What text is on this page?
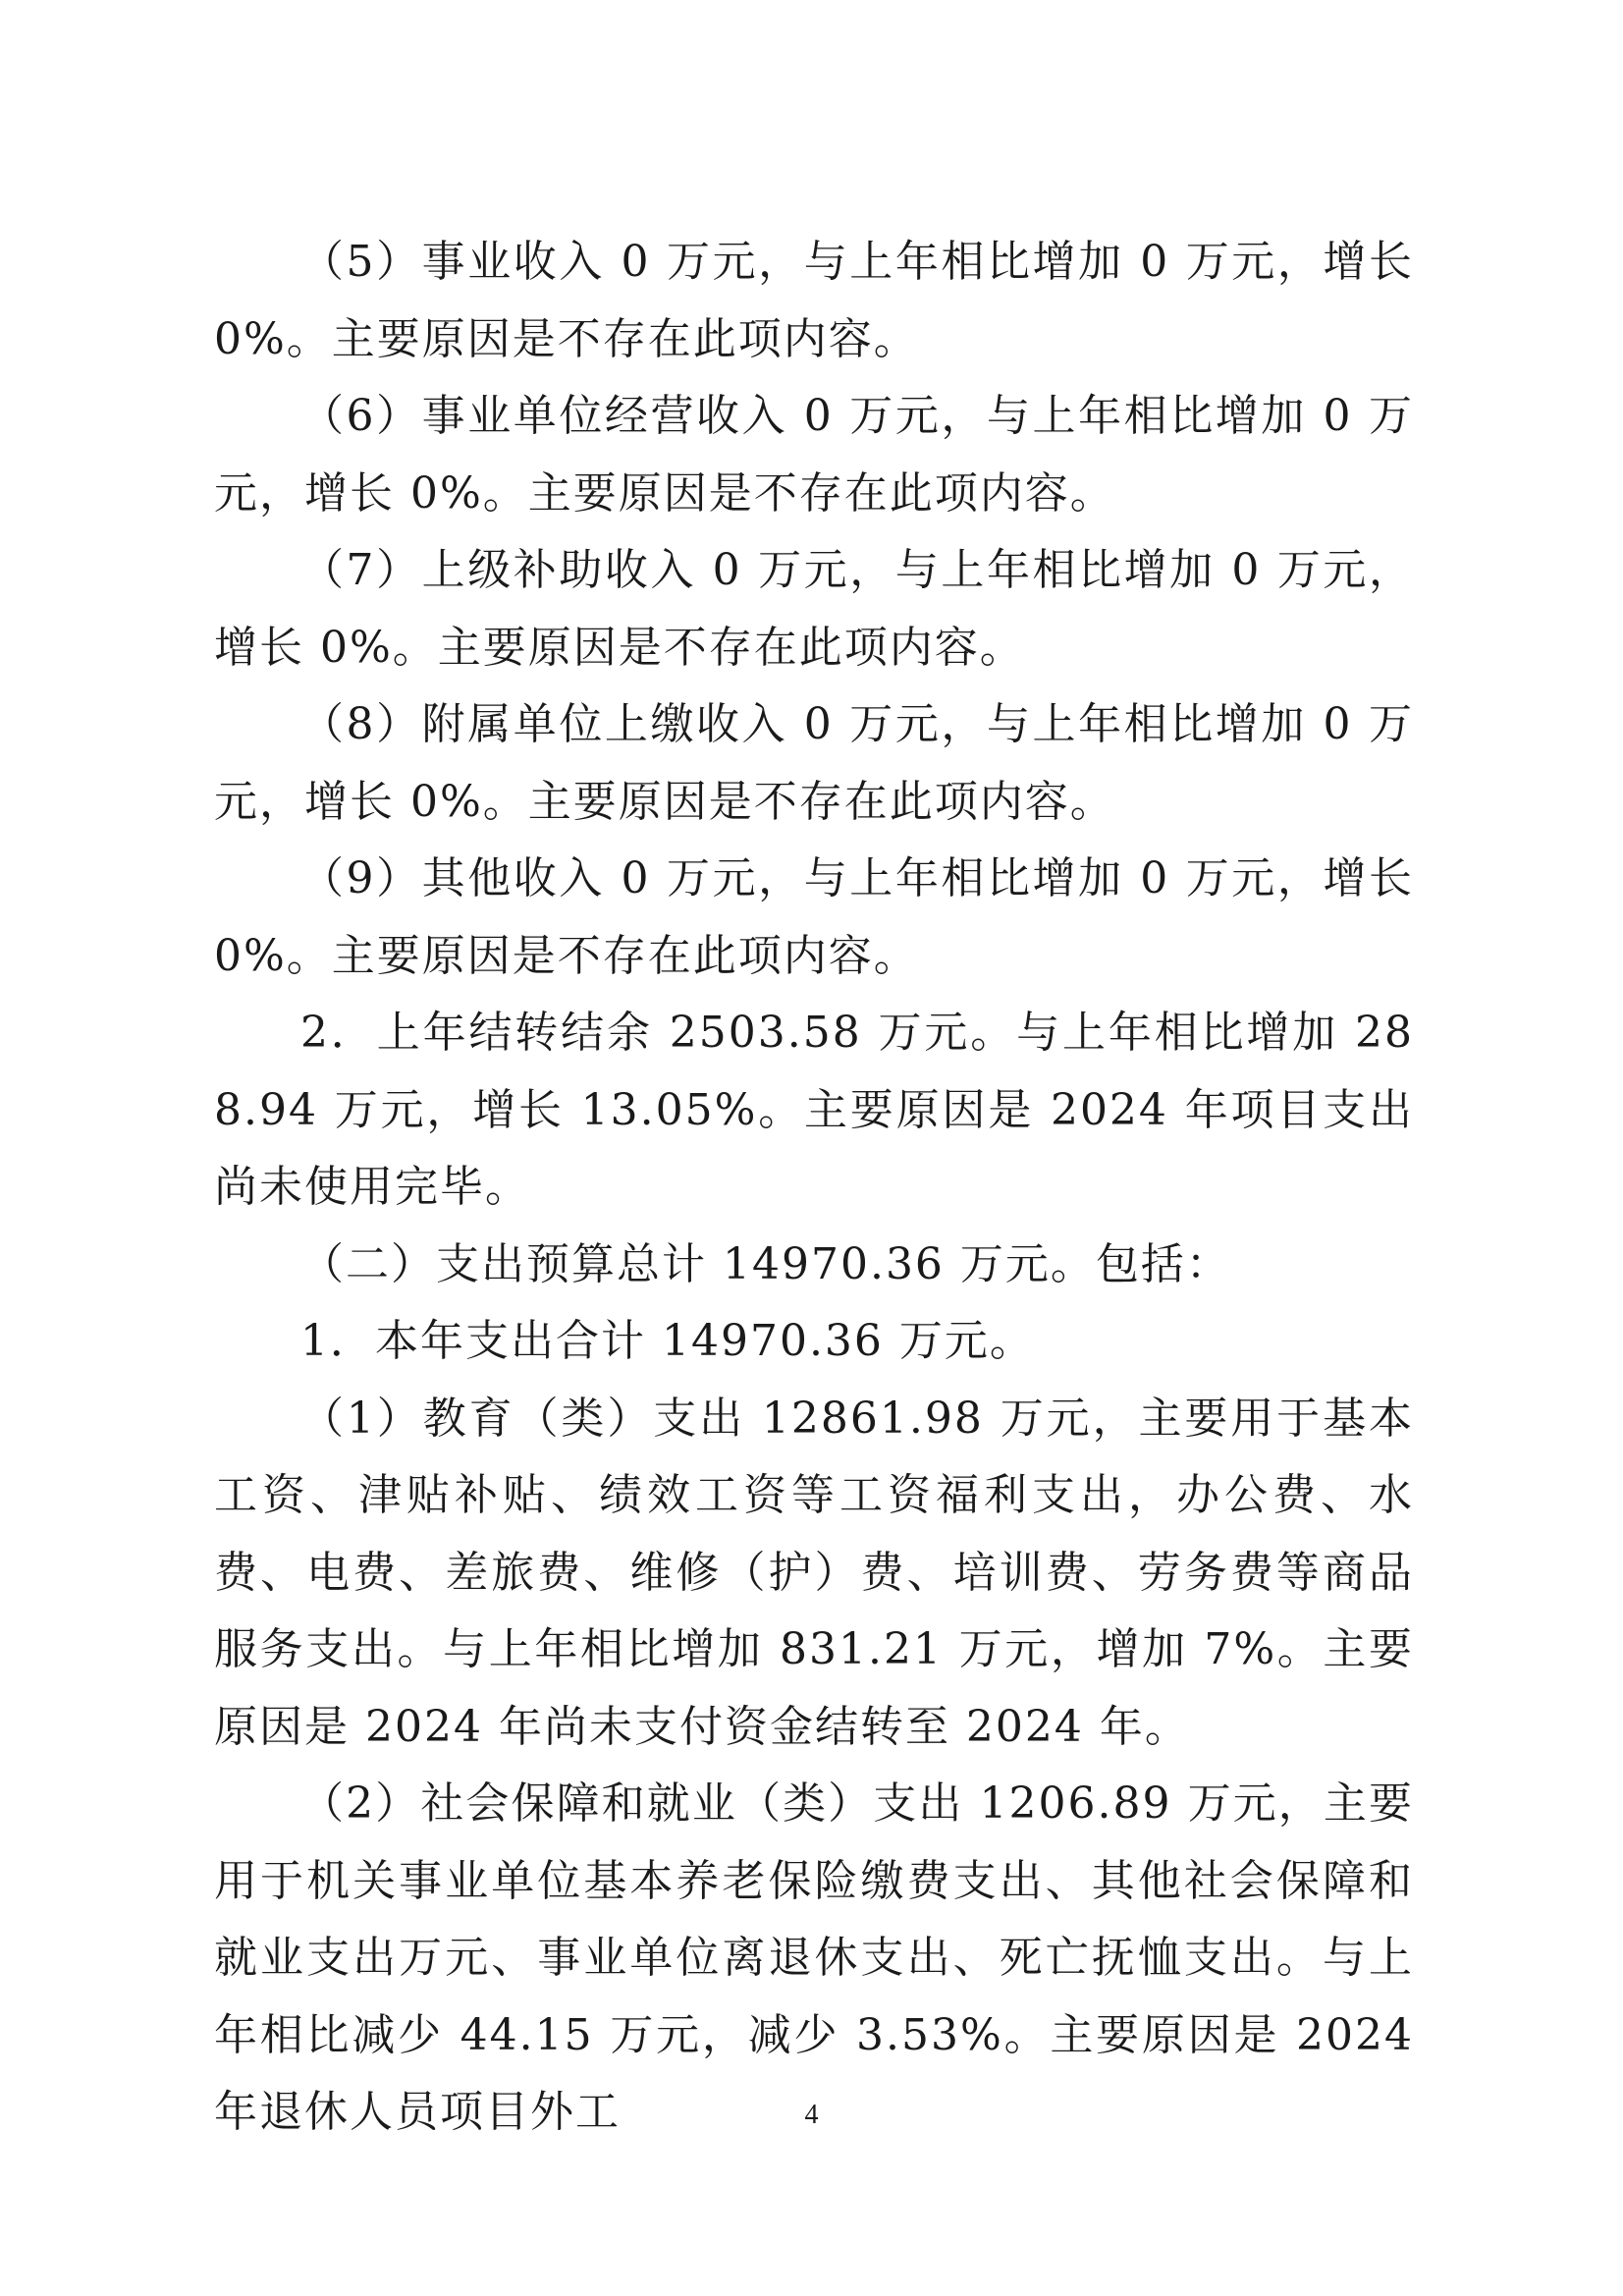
（5）事业收入 0 万元，与上年相比增加 0 万元，增长 0%。主要原因是不存在此项内容。

（6）事业单位经营收入 0 万元，与上年相比增加 0 万元，增长 0%。主要原因是不存在此项内容。

（7）上级补助收入 0 万元，与上年相比增加 0 万元，增长 0%。主要原因是不存在此项内容。

（8）附属单位上缴收入 0 万元，与上年相比增加 0 万元，增长 0%。主要原因是不存在此项内容。

（9）其他收入 0 万元，与上年相比增加 0 万元，增长 0%。主要原因是不存在此项内容。

2．上年结转结余 2503.58 万元。与上年相比增加 288.94 万元，增长 13.05%。主要原因是 2024 年项目支出尚未使用完毕。

（二）支出预算总计 14970.36 万元。包括：

1．本年支出合计 14970.36 万元。

（1）教育（类）支出 12861.98 万元，主要用于基本工资、津贴补贴、绩效工资等工资福利支出，办公费、水费、电费、差旅费、维修（护）费、培训费、劳务费等商品服务支出。与上年相比增加 831.21 万元，增加 7%。主要原因是 2024 年尚未支付资金结转至 2024 年。

（2）社会保障和就业（类）支出 1206.89 万元，主要用于机关事业单位基本养老保险缴费支出、其他社会保障和就业支出万元、事业单位离退休支出、死亡抚恤支出。与上年相比减少 44.15 万元，减少 3.53%。主要原因是 2024 年退休人员项目外工	4
